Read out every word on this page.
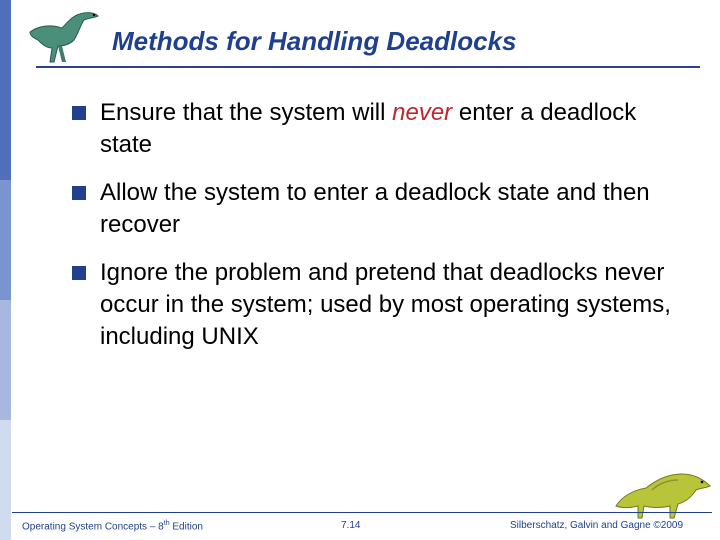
Methods for Handling Deadlocks
Ensure that the system will never enter a deadlock state
Allow the system to enter a deadlock state and then recover
Ignore the problem and pretend that deadlocks never occur in the system; used by most operating systems, including UNIX
Operating System Concepts – 8th Edition	7.14	Silberschatz, Galvin and Gagne ©2009
